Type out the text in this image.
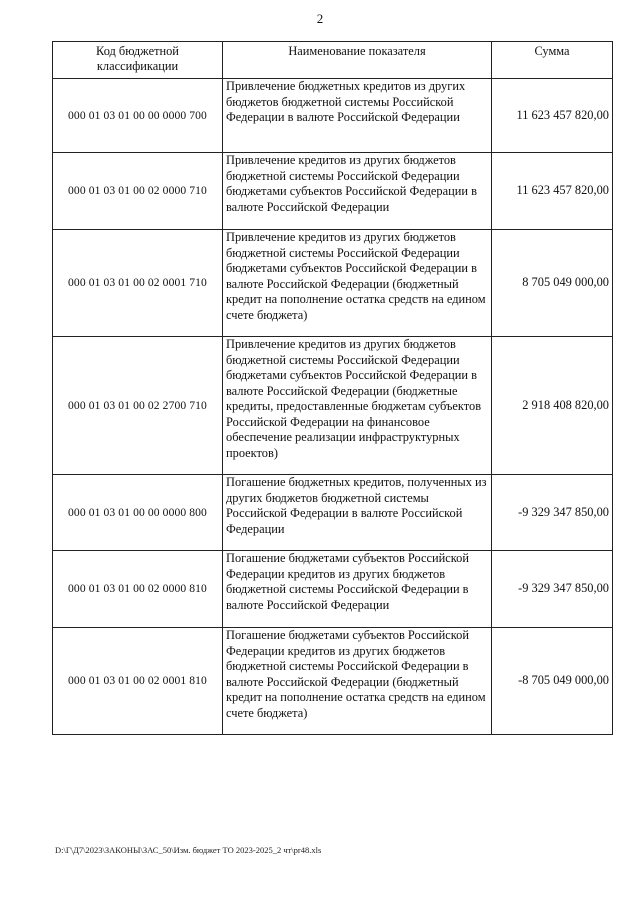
2
Код бюджетной классификации	Наименование показателя	Сумма
000 01 03 01 00 00 0000 700	Привлечение бюджетных кредитов из других бюджетов бюджетной системы Российской Федерации в валюте Российской Федерации	11 623 457 820,00
000 01 03 01 00 02 0000 710	Привлечение кредитов из других бюджетов бюджетной системы Российской Федерации бюджетами субъектов Российской Федерации в валюте Российской Федерации	11 623 457 820,00
000 01 03 01 00 02 0001 710	Привлечение кредитов из других бюджетов бюджетной системы Российской Федерации бюджетами субъектов Российской Федерации в валюте Российской Федерации (бюджетный кредит на пополнение остатка средств на едином счете бюджета)	8 705 049 000,00
000 01 03 01 00 02 2700 710	Привлечение кредитов из других бюджетов бюджетной системы Российской Федерации бюджетами субъектов Российской Федерации в валюте Российской Федерации (бюджетные кредиты, предоставленные бюджетам субъектов Российской Федерации на финансовое обеспечение реализации инфраструктурных проектов)	2 918 408 820,00
000 01 03 01 00 00 0000 800	Погашение бюджетных кредитов, полученных из других бюджетов бюджетной системы Российской Федерации в валюте Российской Федерации	-9 329 347 850,00
000 01 03 01 00 02 0000 810	Погашение бюджетами субъектов Российской Федерации кредитов из других бюджетов бюджетной системы Российской Федерации в валюте Российской Федерации	-9 329 347 850,00
000 01 03 01 00 02 0001 810	Погашение бюджетами субъектов Российской Федерации кредитов из других бюджетов бюджетной системы Российской Федерации в валюте Российской Федерации (бюджетный кредит на пополнение остатка средств на едином счете бюджета)	-8 705 049 000,00
D:\Г\Д7\2023\ЗАКОНЫ\ЗАС_50\Изм. бюджет ТО 2023-2025_2 чт\pr48.xls
